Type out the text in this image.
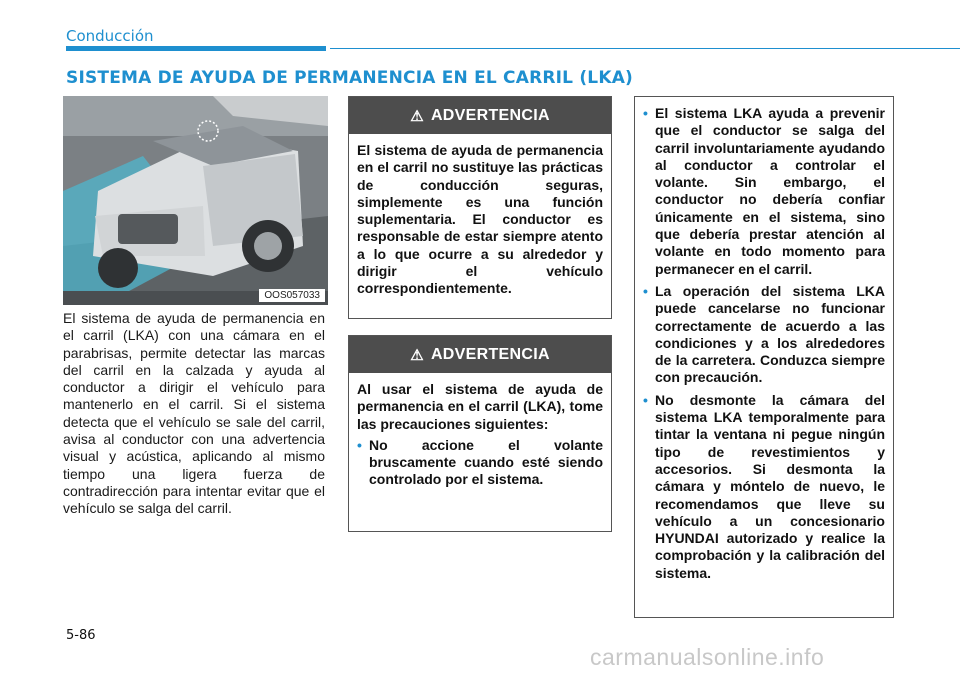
Conducción
SISTEMA DE AYUDA DE PERMANENCIA EN EL CARRIL (LKA)
OOS057033
El sistema de ayuda de permanencia en el carril (LKA) con una cámara en el parabrisas, permite detectar las marcas del carril en la calzada y ayuda al conductor a dirigir el vehículo para mantenerlo en el carril. Si el sistema detecta que el vehículo se sale del carril, avisa al conductor con una advertencia visual y acústica, aplicando al mismo tiempo una ligera fuerza de contradirección para intentar evitar que el vehículo se salga del carril.
⚠ ADVERTENCIA
El sistema de ayuda de permanencia en el carril no sustituye las prácticas de conducción seguras, simplemente es una función suplementaria. El conductor es responsable de estar siempre atento a lo que ocurre a su alrededor y dirigir el vehículo correspondientemente.
⚠ ADVERTENCIA
Al usar el sistema de ayuda de permanencia en el carril (LKA), tome las precauciones siguientes:
• No accione el volante bruscamente cuando esté siendo controlado por el sistema.
• El sistema LKA ayuda a prevenir que el conductor se salga del carril involuntariamente ayudando al conductor a controlar el volante. Sin embargo, el conductor no debería confiar únicamente en el sistema, sino que debería prestar atención al volante en todo momento para permanecer en el carril.
• La operación del sistema LKA puede cancelarse no funcionar correctamente de acuerdo a las condiciones y a los alrededores de la carretera. Conduzca siempre con precaución.
• No desmonte la cámara del sistema LKA temporalmente para tintar la ventana ni pegue ningún tipo de revestimientos y accesorios. Si desmonta la cámara y móntelo de nuevo, le recomendamos que lleve su vehículo a un concesionario HYUNDAI autorizado y realice la comprobación y la calibración del sistema.
5-86
carmanualsonline.info
